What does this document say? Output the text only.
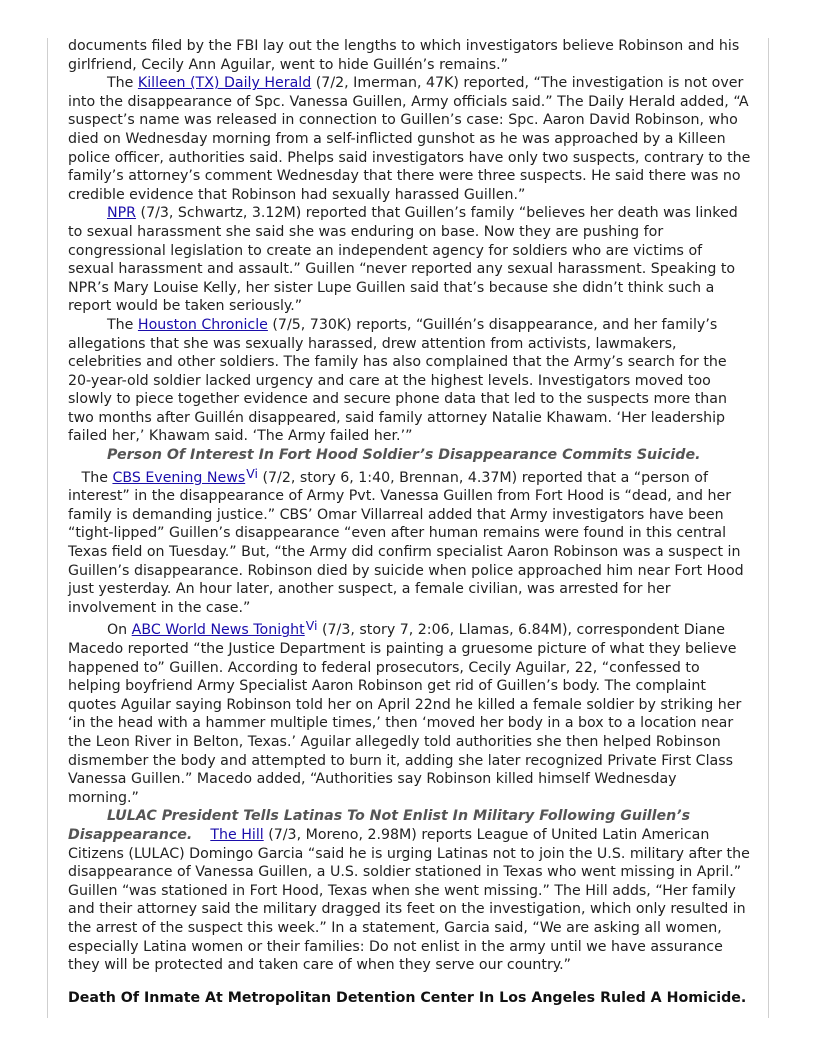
documents filed by the FBI lay out the lengths to which investigators believe Robinson and his girlfriend, Cecily Ann Aguilar, went to hide Guillén’s remains.”

The Killeen (TX) Daily Herald (7/2, Imerman, 47K) reported, “The investigation is not over into the disappearance of Spc. Vanessa Guillen, Army officials said.” The Daily Herald added, “A suspect’s name was released in connection to Guillen’s case: Spc. Aaron David Robinson, who died on Wednesday morning from a self-inflicted gunshot as he was approached by a Killeen police officer, authorities said. Phelps said investigators have only two suspects, contrary to the family’s attorney’s comment Wednesday that there were three suspects. He said there was no credible evidence that Robinson had sexually harassed Guillen.”

NPR (7/3, Schwartz, 3.12M) reported that Guillen’s family “believes her death was linked to sexual harassment she said she was enduring on base. Now they are pushing for congressional legislation to create an independent agency for soldiers who are victims of sexual harassment and assault.” Guillen “never reported any sexual harassment. Speaking to NPR’s Mary Louise Kelly, her sister Lupe Guillen said that’s because she didn’t think such a report would be taken seriously.”

The Houston Chronicle (7/5, 730K) reports, “Guillén’s disappearance, and her family’s allegations that she was sexually harassed, drew attention from activists, lawmakers, celebrities and other soldiers. The family has also complained that the Army’s search for the 20-year-old soldier lacked urgency and care at the highest levels. Investigators moved too slowly to piece together evidence and secure phone data that led to the suspects more than two months after Guillén disappeared, said family attorney Natalie Khawam. ‘Her leadership failed her,’ Khawam said. ‘The Army failed her.’”

Person Of Interest In Fort Hood Soldier’s Disappearance Commits Suicide.   The CBS Evening NewsVi (7/2, story 6, 1:40, Brennan, 4.37M) reported that a “person of interest” in the disappearance of Army Pvt. Vanessa Guillen from Fort Hood is “dead, and her family is demanding justice.” CBS’ Omar Villarreal added that Army investigators have been “tight-lipped” Guillen’s disappearance “even after human remains were found in this central Texas field on Tuesday.” But, “the Army did confirm specialist Aaron Robinson was a suspect in Guillen’s disappearance. Robinson died by suicide when police approached him near Fort Hood just yesterday. An hour later, another suspect, a female civilian, was arrested for her involvement in the case.”

On ABC World News TonightVi (7/3, story 7, 2:06, Llamas, 6.84M), correspondent Diane Macedo reported “the Justice Department is painting a gruesome picture of what they believe happened to” Guillen. According to federal prosecutors, Cecily Aguilar, 22, “confessed to helping boyfriend Army Specialist Aaron Robinson get rid of Guillen’s body. The complaint quotes Aguilar saying Robinson told her on April 22nd he killed a female soldier by striking her ‘in the head with a hammer multiple times,’ then ‘moved her body in a box to a location near the Leon River in Belton, Texas.’ Aguilar allegedly told authorities she then helped Robinson dismember the body and attempted to burn it, adding she later recognized Private First Class Vanessa Guillen.” Macedo added, “Authorities say Robinson killed himself Wednesday morning.”

LULAC President Tells Latinas To Not Enlist In Military Following Guillen’s Disappearance. The Hill (7/3, Moreno, 2.98M) reports League of United Latin American Citizens (LULAC) Domingo Garcia “said he is urging Latinas not to join the U.S. military after the disappearance of Vanessa Guillen, a U.S. soldier stationed in Texas who went missing in April.” Guillen “was stationed in Fort Hood, Texas when she went missing.” The Hill adds, “Her family and their attorney said the military dragged its feet on the investigation, which only resulted in the arrest of the suspect this week.” In a statement, Garcia said, “We are asking all women, especially Latina women or their families: Do not enlist in the army until we have assurance they will be protected and taken care of when they serve our country.”

Death Of Inmate At Metropolitan Detention Center In Los Angeles Ruled A Homicide.
